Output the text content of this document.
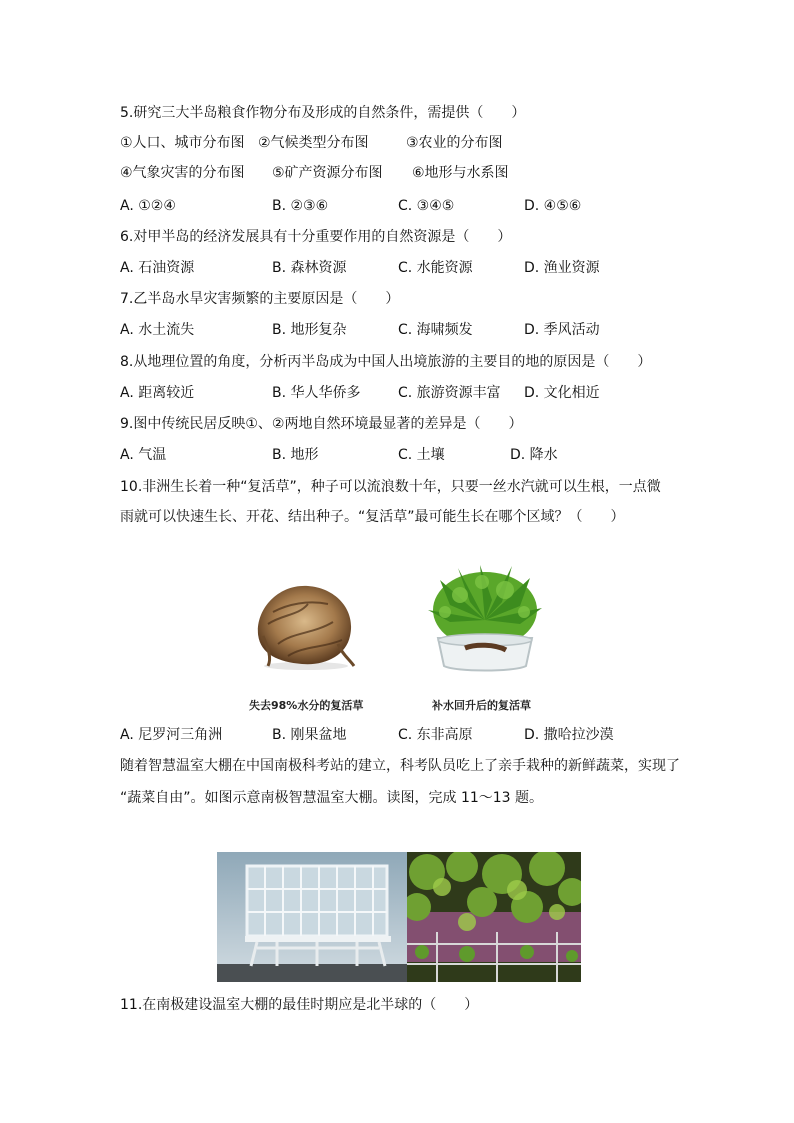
5.研究三大半岛粮食作物分布及形成的自然条件，需提供（　　）
①人口、城市分布图 ②气候类型分布图	③农业的分布图
④气象灾害的分布图 ⑤矿产资源分布图 ⑥地形与水系图
A. ①②④	B. ②③⑥	C. ③④⑤	D. ④⑤⑥
6.对甲半岛的经济发展具有十分重要作用的自然资源是（　　）
A. 石油资源	B. 森林资源	C. 水能资源	D. 渔业资源
7.乙半岛水旱灾害频繁的主要原因是（　　）
A. 水土流失	B. 地形复杂	C. 海啸频发	D. 季风活动
8.从地理位置的角度，分析丙半岛成为中国人出境旅游的主要目的地的原因是（　　）
A. 距离较近	B. 华人华侨多	C. 旅游资源丰富 D. 文化相近
9.图中传统民居反映①、②两地自然环境最显著的差异是（　　）
A. 气温	B. 地形	C. 土壤	D. 降水
10.非洲生长着一种“复活草”，种子可以流浪数十年，只要一丝水汽就可以生根，一点微
雨就可以快速生长、开花、结出种子。“复活草”最可能生长在哪个区域？（　　）
失去98%水分的复活草	补水回升后的复活草
A. 尼罗河三角洲	B. 刚果盆地	C. 东非高原	D. 撒哈拉沙漠
随着智慧温室大棚在中国南极科考站的建立，科考队员吃上了亲手栽种的新鲜蔬菜，实现了
“蔬菜自由”。如图示意南极智慧温室大棚。读图，完成 11～13 题。
11.在南极建设温室大棚的最佳时期应是北半球的（　　）
